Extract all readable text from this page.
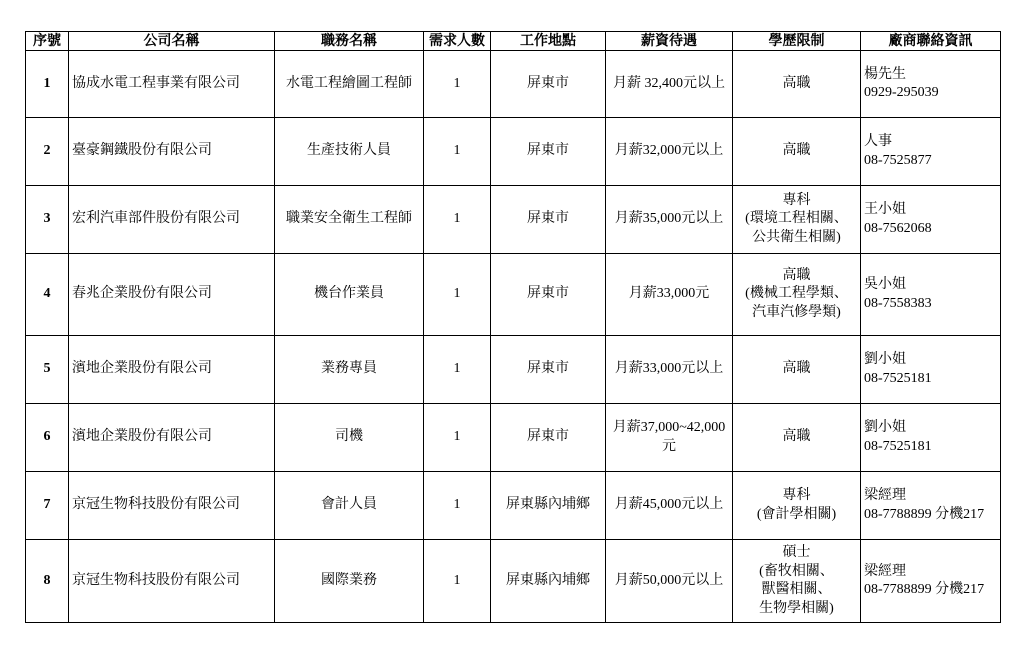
序號	公司名稱	職務名稱	需求人數	工作地點	薪資待遇	學歷限制	廠商聯絡資訊
1	協成水電工程事業有限公司	水電工程繪圖工程師	1	屏東市	月薪 32,400元以上	高職	楊先生
0929-295039

2	臺豪鋼鐵股份有限公司	生產技術人員	1	屏東市	月薪32,000元以上	高職	人事
08-7525877

3	宏利汽車部件股份有限公司	職業安全衛生工程師	1	屏東市	月薪35,000元以上	專科
(環境工程相關、
公共衛生相關)	王小姐
08-7562068

4	春兆企業股份有限公司	機台作業員	1	屏東市	月薪33,000元	高職
(機械工程學類、
汽車汽修學類)	吳小姐
08-7558383

5	濱地企業股份有限公司	業務專員	1	屏東市	月薪33,000元以上	高職	劉小姐
08-7525181

6	濱地企業股份有限公司	司機	1	屏東市	月薪37,000~42,000
元	高職	劉小姐
08-7525181

7	京冠生物科技股份有限公司	會計人員	1	屏東縣內埔鄉	月薪45,000元以上	專科
(會計學相關)	梁經理
08-7788899 分機217

8	京冠生物科技股份有限公司	國際業務	1	屏東縣內埔鄉	月薪50,000元以上	碩士
(畜牧相關、
獸醫相關、
生物學相關)	梁經理
08-7788899 分機217
